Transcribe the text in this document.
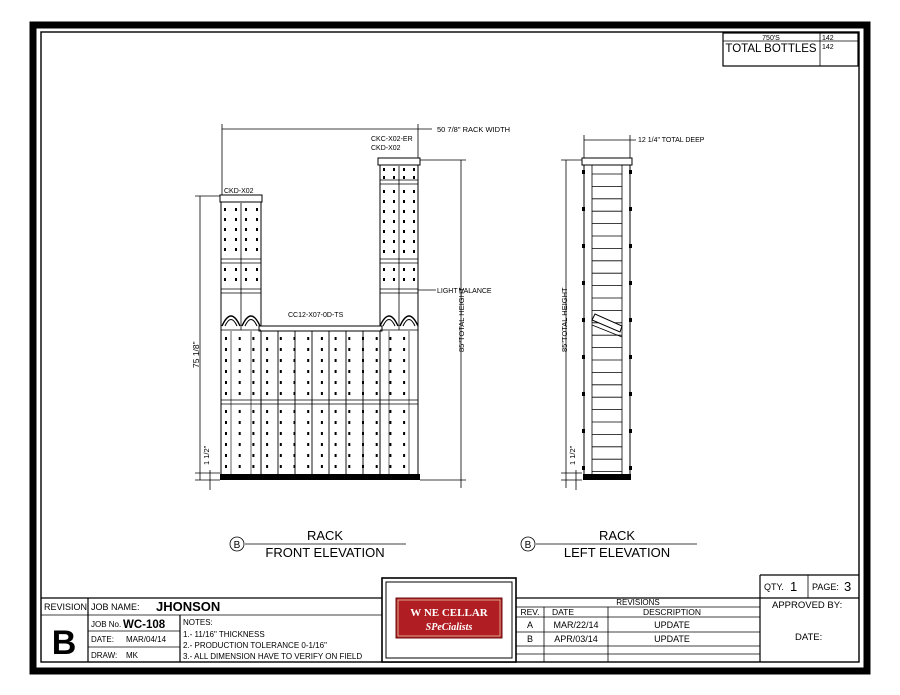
750'S	142
TOTAL BOTTLES 142
50 7/8" RACK WIDTH
CKC-X02-ER
CKD-X02
CKD-X02
CC12-X07-0D-TS
LIGHT VALANCE
75 1/8"
1 1/2"
85"TOTAL HEIGHT
B
RACK
FRONT ELEVATION
12 1/4" TOTAL DEEP
85"TOTAL HEIGHT
1 1/2"
B
RACK
LEFT ELEVATION
REVISION
B
JOB NAME: JHONSON
JOB No. WC-108
DATE: MAR/04/14
DRAW: MK
NOTES:
1.- 11/16" THICKNESS
2.- PRODUCTION TOLERANCE 0-1/16"
3.- ALL DIMENSION HAVE TO VERIFY ON FIELD
W NE CELLAR
SPeCialists
REVISIONS
REV. DATE	DESCRIPTION
A MAR/22/14	UPDATE
B APR/03/14	UPDATE
QTY. 1 PAGE: 3
APPROVED BY:
DATE:
